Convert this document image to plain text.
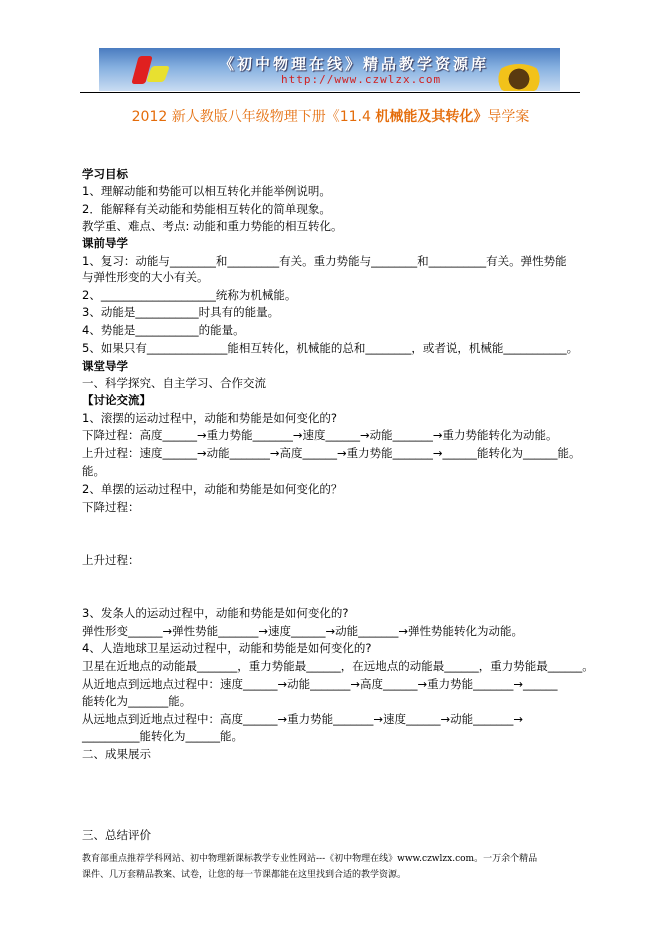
《初中物理在线》精品教学资源库
http://www.czwlzx.com
2012 新人教版八年级物理下册《11.4 机械能及其转化》导学案
学习目标
1、理解动能和势能可以相互转化并能举例说明。
2．能解释有关动能和势能相互转化的简单现象。
教学重、难点、考点: 动能和重力势能的相互转化。
课前导学
1、复习：动能与________和_________有关。重力势能与________和__________有关。弹性势能
与弹性形变的大小有关。
2、____________________统称为机械能。
3、动能是___________时具有的能量。
4、势能是___________的能量。
5、如果只有______________能相互转化，机械能的总和________，或者说，机械能___________。
课堂导学
一、科学探究、自主学习、合作交流
【讨论交流】
1、滚摆的运动过程中，动能和势能是如何变化的?
下降过程：高度______→重力势能_______→速度______→动能_______→重力势能转化为动能。
上升过程：速度______→动能_______→高度______→重力势能_______→______能转化为______能。
2、单摆的运动过程中，动能和势能是如何变化的？
下降过程：
上升过程：
3、发条人的运动过程中，动能和势能是如何变化的?
弹性形变______→弹性势能_______→速度______→动能_______→弹性势能转化为动能。
4、人造地球卫星运动过程中，动能和势能是如何变化的?
卫星在近地点的动能最_______，重力势能最______，在远地点的动能最______，重力势能最______。
从近地点到远地点过程中：速度______→动能_______→高度______→重力势能_______→______
能转化为_______能。
从远地点到近地点过程中：高度______→重力势能_______→速度______→动能_______→
__________能转化为______能。
二、成果展示
三、总结评价
能。
教育部重点推荐学科网站、初中物理新课标教学专业性网站---《初中物理在线》www.czwlzx.com。一万余个精品
课件、几万套精品教案、试卷，让您的每一节课都能在这里找到合适的教学资源。
